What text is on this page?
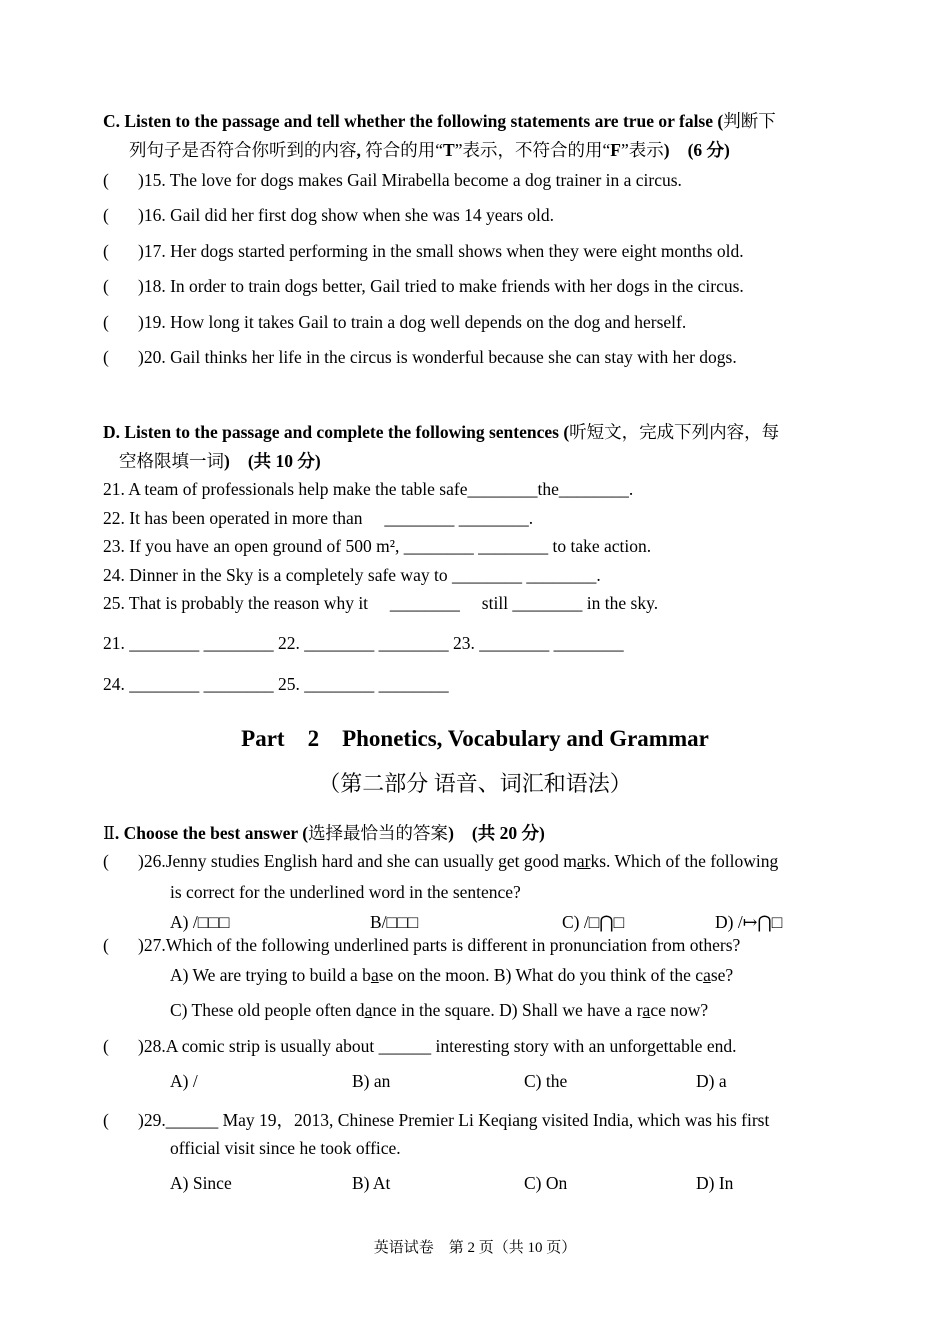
C. Listen to the passage and tell whether the following statements are true or false (判断下
列句子是否符合你听到的内容, 符合的用“T”表示，不符合的用“F”表示) (6 分)
( )15. The love for dogs makes Gail Mirabella become a dog trainer in a circus.
( )16. Gail did her first dog show when she was 14 years old.
( )17. Her dogs started performing in the small shows when they were eight months old.
( )18. In order to train dogs better, Gail tried to make friends with her dogs in the circus.
( )19. How long it takes Gail to train a dog well depends on the dog and herself.
( )20. Gail thinks her life in the circus is wonderful because she can stay with her dogs.
D. Listen to the passage and complete the following sentences (听短文，完成下列内容，每
空格限填一词) (共 10 分)
21. A team of professionals help make the table safe________the________.
22. It has been operated in more than     ________ ________.
23. If you have an open ground of 500 m², ________ ________ to take action.
24. Dinner in the Sky is a completely safe way to ________ ________.
25. That is probably the reason why it     ________     still ________ in the sky.
21. ________ ________ 22. ________ ________ 23. ________ ________
24. ________ ________ 25. ________ ________
Part    2    Phonetics, Vocabulary and Grammar
（第二部分 语音、词汇和语法）
Ⅱ. Choose the best answer (选择最恰当的答案) (共 20 分)
( )26.Jenny studies English hard and she can usually get good marks. Which of the following
is correct for the underlined word in the sentence?
A) /□□□	B/□□□	C) /□⋂□	D) /↦⋂□
( )27.Which of the following underlined parts is different in pronunciation from others?
A) We are trying to build a base on the moon. B) What do you think of the case?
C) These old people often dance in the square. D) Shall we have a race now?
( )28.A comic strip is usually about ______ interesting story with an unforgettable end.
A) /	B) an	C) the	D) a
( )29.______ May 19，2013, Chinese Premier Li Keqiang visited India, which was his first
official visit since he took office.
A) Since	B) At	C) On	D) In
英语试卷　第 2 页（共 10 页）
